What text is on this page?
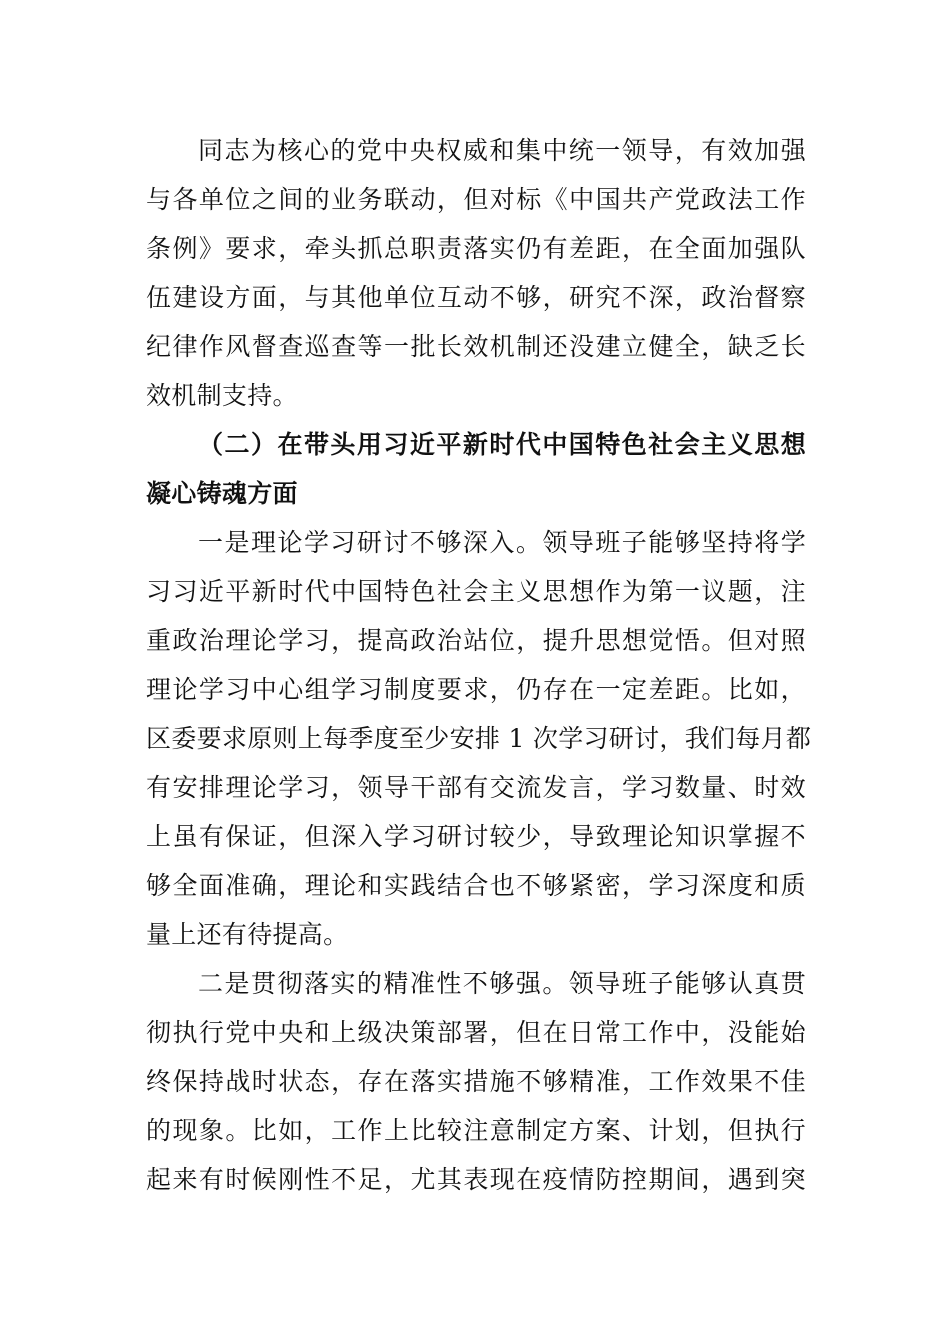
同志为核心的党中央权威和集中统一领导，有效加强
与各单位之间的业务联动，但对标《中国共产党政法工作
条例》要求，牵头抓总职责落实仍有差距，在全面加强队
伍建设方面，与其他单位互动不够，研究不深，政治督察
纪律作风督查巡查等一批长效机制还没建立健全，缺乏长
效机制支持。
（二）在带头用习近平新时代中国特色社会主义思想
凝心铸魂方面
一是理论学习研讨不够深入。领导班子能够坚持将学
习习近平新时代中国特色社会主义思想作为第一议题，注
重政治理论学习，提高政治站位，提升思想觉悟。但对照
理论学习中心组学习制度要求，仍存在一定差距。比如，
区委要求原则上每季度至少安排 1 次学习研讨，我们每月都
有安排理论学习，领导干部有交流发言，学习数量、时效
上虽有保证，但深入学习研讨较少，导致理论知识掌握不
够全面准确，理论和实践结合也不够紧密，学习深度和质
量上还有待提高。
二是贯彻落实的精准性不够强。领导班子能够认真贯
彻执行党中央和上级决策部署，但在日常工作中，没能始
终保持战时状态，存在落实措施不够精准，工作效果不佳
的现象。比如，工作上比较注意制定方案、计划，但执行
起来有时候刚性不足，尤其表现在疫情防控期间，遇到突
